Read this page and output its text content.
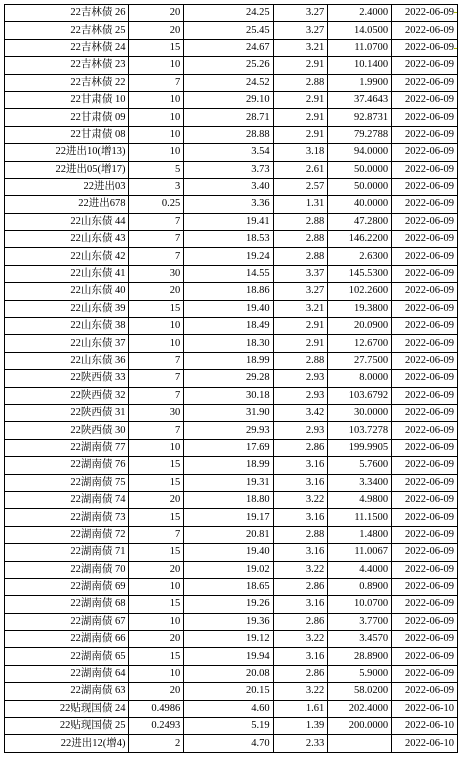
22吉林债 26	20	24.25	3.27	2.4000	2022-06-09
22吉林债 25	20	25.45	3.27	14.0500	2022-06-09
22吉林债 24	15	24.67	3.21	11.0700	2022-06-09
22吉林债 23	10	25.26	2.91	10.1400	2022-06-09
22吉林债 22	7	24.52	2.88	1.9900	2022-06-09
22甘肃债 10	10	29.10	2.91	37.4643	2022-06-09
22甘肃债 09	10	28.71	2.91	92.8731	2022-06-09
22甘肃债 08	10	28.88	2.91	79.2788	2022-06-09
22进出10(增13)	10	3.54	3.18	94.0000	2022-06-09
22进出05(增17)	5	3.73	2.61	50.0000	2022-06-09
22进出03	3	3.40	2.57	50.0000	2022-06-09
22进出678	0.25	3.36	1.31	40.0000	2022-06-09
22山东债 44	7	19.41	2.88	47.2800	2022-06-09
22山东债 43	7	18.53	2.88	146.2200	2022-06-09
22山东债 42	7	19.24	2.88	2.6300	2022-06-09
22山东债 41	30	14.55	3.37	145.5300	2022-06-09
22山东债 40	20	18.86	3.27	102.2600	2022-06-09
22山东债 39	15	19.40	3.21	19.3800	2022-06-09
22山东债 38	10	18.49	2.91	20.0900	2022-06-09
22山东债 37	10	18.30	2.91	12.6700	2022-06-09
22山东债 36	7	18.99	2.88	27.7500	2022-06-09
22陕西债 33	7	29.28	2.93	8.0000	2022-06-09
22陕西债 32	7	30.18	2.93	103.6792	2022-06-09
22陕西债 31	30	31.90	3.42	30.0000	2022-06-09
22陕西债 30	7	29.93	2.93	103.7278	2022-06-09
22湖南债 77	10	17.69	2.86	199.9905	2022-06-09
22湖南债 76	15	18.99	3.16	5.7600	2022-06-09
22湖南债 75	15	19.31	3.16	3.3400	2022-06-09
22湖南债 74	20	18.80	3.22	4.9800	2022-06-09
22湖南债 73	15	19.17	3.16	11.1500	2022-06-09
22湖南债 72	7	20.81	2.88	1.4800	2022-06-09
22湖南债 71	15	19.40	3.16	11.0067	2022-06-09
22湖南债 70	20	19.02	3.22	4.4000	2022-06-09
22湖南债 69	10	18.65	2.86	0.8900	2022-06-09
22湖南债 68	15	19.26	3.16	10.0700	2022-06-09
22湖南债 67	10	19.36	2.86	3.7700	2022-06-09
22湖南债 66	20	19.12	3.22	3.4570	2022-06-09
22湖南债 65	15	19.94	3.16	28.8900	2022-06-09
22湖南债 64	10	20.08	2.86	5.9000	2022-06-09
22湖南债 63	20	20.15	3.22	58.0200	2022-06-09
22贴现国债 24	0.4986	4.60	1.61	202.4000	2022-06-10
22贴现国债 25	0.2493	5.19	1.39	200.0000	2022-06-10
22进出12(增4)	2	4.70	2.33		2022-06-10
